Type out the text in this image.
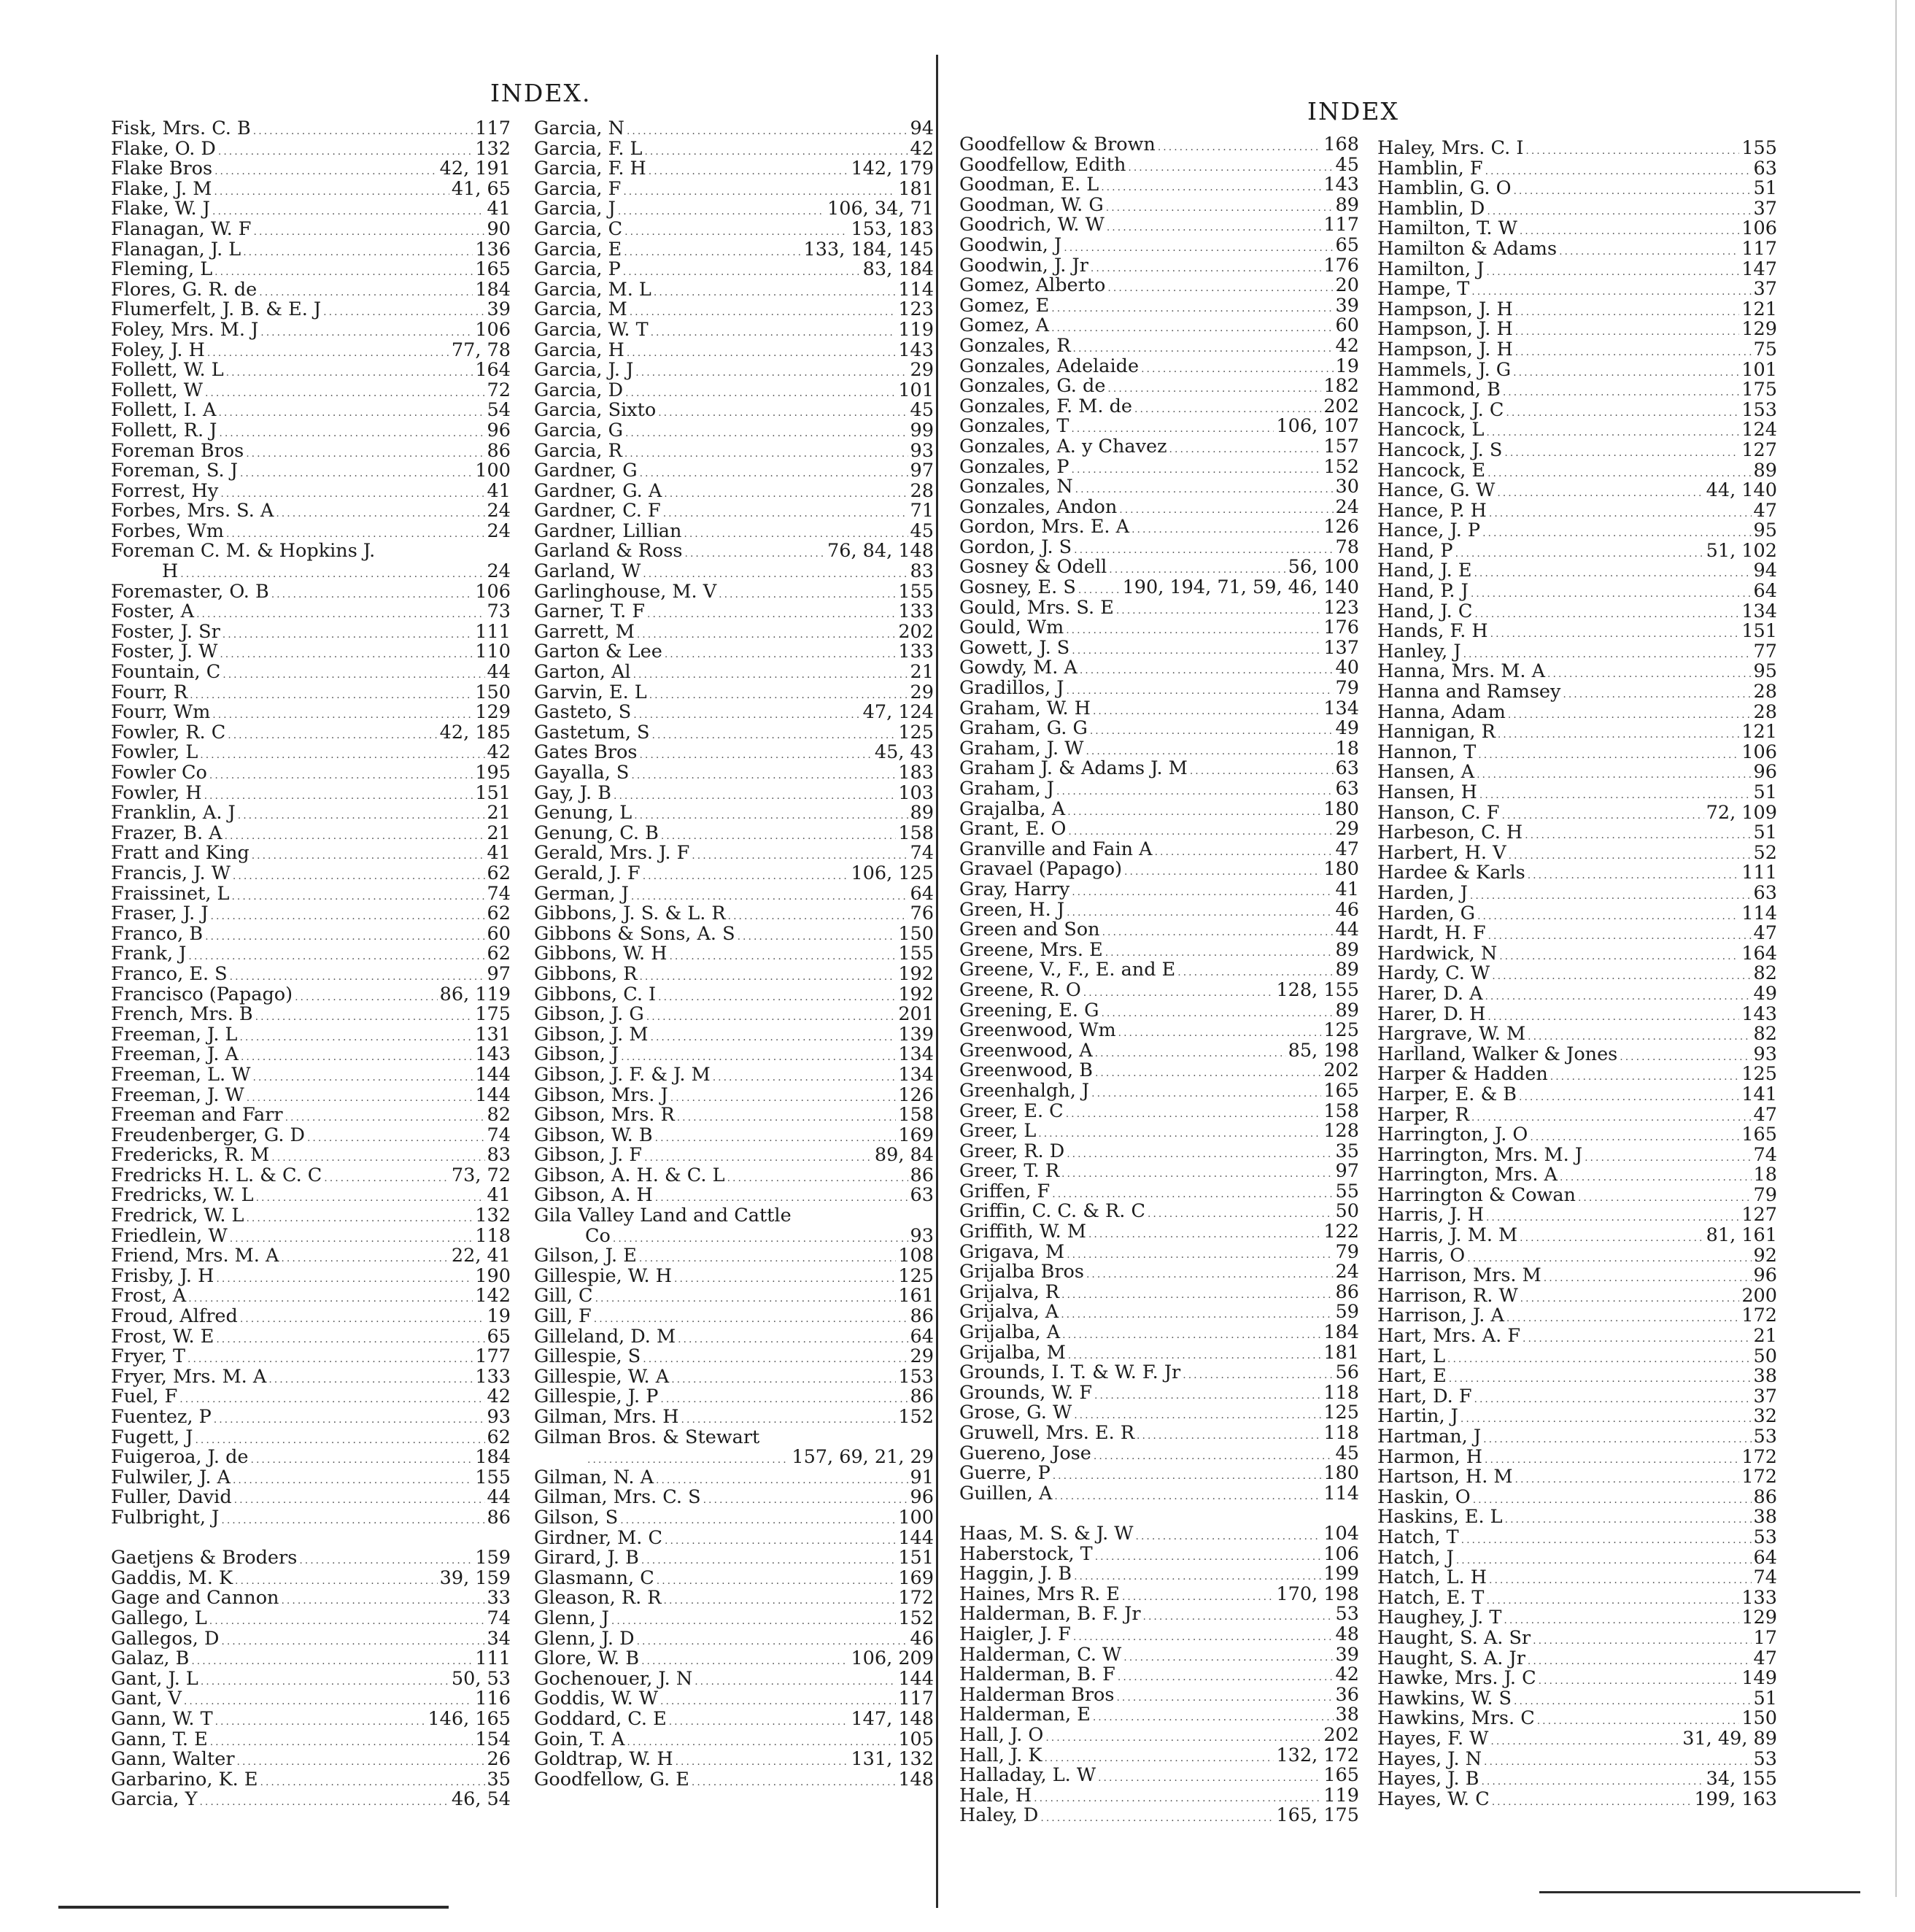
INDEX.
INDEX
Fisk, Mrs. C. B .....	117
Flake, O. D .....	132
Flake Bros .....	42, 191
Flake, J. M .....	41, 65
Flake, W. J .....	41
Flanagan, W. F .....	90
Flanagan, J. L .....	136
Fleming, L .....	165
Flores, G. R. de .....	184
Flumerfelt, J. B. & E. J .....	39
Foley, Mrs. M. J .....	106
Foley, J. H .....	77, 78
Follett, W. L .....	164
Follett, W .....	72
Follett, I. A .....	54
Follett, R. J .....	96
Foreman Bros .....	86
Foreman, S. J .....	100
Forrest, Hy .....	41
Forbes, Mrs. S. A .....	24
Forbes, Wm .....	24
Foreman C. M. & Hopkins J.
H .....	24
Foremaster, O. B .....	106
Foster, A .....	73
Foster, J. Sr .....	111
Foster, J. W .....	110
Fountain, C .....	44
Fourr, R .....	150
Fourr, Wm .....	129
Fowler, R. C .....	42, 185
Fowler, L .....	42
Fowler Co .....	195
Fowler, H .....	151
Franklin, A. J .....	21
Frazer, B. A .....	21
Fratt and King .....	41
Francis, J. W .....	62
Fraissinet, L .....	74
Fraser, J. J .....	62
Franco, B .....	60
Frank, J .....	62
Franco, E. S .....	97
Francisco (Papago) .....	86, 119
French, Mrs. B .....	175
Freeman, J. L .....	131
Freeman, J. A .....	143
Freeman, L. W .....	144
Freeman, J. W .....	144
Freeman and Farr .....	82
Freudenberger, G. D .....	74
Fredericks, R. M .....	83
Fredricks H. L. & C. C .....	73, 72
Fredricks, W. L .....	41
Fredrick, W. L .....	132
Friedlein, W .....	118
Friend, Mrs. M. A .....	22, 41
Frisby, J. H .....	190
Frost, A .....	142
Froud, Alfred .....	19
Frost, W. E .....	65
Fryer, T .....	177
Fryer, Mrs. M. A .....	133
Fuel, F .....	42
Fuentez, P .....	93
Fugett, J .....	62
Fuigeroa, J. de .....	184
Fulwiler, J. A .....	155
Fuller, David .....	44
Fulbright, J .....	86
Gaetjens & Broders .....	159
Gaddis, M. K .....	39, 159
Gage and Cannon .....	33
Gallego, L .....	74
Gallegos, D .....	34
Galaz, B .....	111
Gant, J. L .....	50, 53
Gant, V .....	116
Gann, W. T .....	146, 165
Gann, T. E .....	154
Gann, Walter .....	26
Garbarino, K. E .....	35
Garcia, Y .....	46, 54
Garcia, N .....	94
Garcia, F. L .....	42
Garcia, F. H .....	142, 179
Garcia, F .....	181
Garcia, J .....	106, 34, 71
Garcia, C .....	153, 183
Garcia, E .....	133, 184, 145
Garcia, P .....	83, 184
Garcia, M. L .....	114
Garcia, M .....	123
Garcia, W. T .....	119
Garcia, H .....	143
Garcia, J. J .....	29
Garcia, D .....	101
Garcia, Sixto .....	45
Garcia, G .....	99
Garcia, R .....	93
Gardner, G .....	97
Gardner, G. A .....	28
Gardner, C. F .....	71
Gardner, Lillian .....	45
Garland & Ross .....	76, 84, 148
Garland, W .....	83
Garlinghouse, M. V .....	155
Garner, T. F .....	133
Garrett, M .....	202
Garton & Lee .....	133
Garton, Al .....	21
Garvin, E. L .....	29
Gasteto, S .....	47, 124
Gastetum, S .....	125
Gates Bros .....	45, 43
Gayalla, S .....	183
Gay, J. B .....	103
Genung, L .....	89
Genung, C. B .....	158
Gerald, Mrs. J. F .....	74
Gerald, J. F .....	106, 125
German, J .....	64
Gibbons, J. S. & L. R .....	76
Gibbons & Sons, A. S .....	150
Gibbons, W. H .....	155
Gibbons, R .....	192
Gibbons, C. I .....	192
Gibson, J. G .....	201
Gibson, J. M .....	139
Gibson, J .....	134
Gibson, J. F. & J. M .....	134
Gibson, Mrs. J .....	126
Gibson, Mrs. R .....	158
Gibson, W. B .....	169
Gibson, J. F .....	89, 84
Gibson, A. H. & C. L .....	86
Gibson, A. H .....	63
Gila Valley Land and Cattle
Co .....	93
Gilson, J. E .....	108
Gillespie, W. H .....	125
Gill, C .....	161
Gill, F .....	86
Gilleland, D. M .....	64
Gillespie, S .....	29
Gillespie, W. A .....	153
Gillespie, J. P .....	86
Gilman, Mrs. H .....	152
Gilman Bros. & Stewart
.....
157, 69, 21, 29
Gilman, N. A .....	91
Gilman, Mrs. C. S .....	96
Gilson, S .....	100
Girdner, M. C .....	144
Girard, J. B .....	151
Glasmann, C .....	169
Gleason, R. R .....	172
Glenn, J .....	152
Glenn, J. D .....	46
Glore, W. B .....	106, 209
Gochenouer, J. N .....	144
Goddis, W. W .....	117
Goddard, C. E .....	147, 148
Goin, T. A .....	105
Goldtrap, W. H .....	131, 132
Goodfellow, G. E .....	148
Goodfellow & Brown .....	168
Goodfellow, Edith .....	45
Goodman, E. L .....	143
Goodman, W. G .....	89
Goodrich, W. W .....	117
Goodwin, J .....	65
Goodwin, J. Jr .....	176
Gomez, Alberto .....	20
Gomez, E .....	39
Gomez, A .....	60
Gonzales, R .....	42
Gonzales, Adelaide .....	19
Gonzales, G. de .....	182
Gonzales, F. M. de .....	202
Gonzales, T .....	106, 107
Gonzales, A. y Chavez .....	157
Gonzales, P .....	152
Gonzales, N .....	30
Gonzales, Andon .....	24
Gordon, Mrs. E. A .....	126
Gordon, J. S .....	78
Gosney & Odell .....	56, 100
Gosney, E. S ..... 190, 194, 71, 59, 46, 140
Gould, Mrs. S. E .....	123
Gould, Wm .....	176
Gowett, J. S .....	137
Gowdy, M. A .....	40
Gradillos, J .....	79
Graham, W. H .....	134
Graham, G. G .....	49
Graham, J. W .....	18
Graham J. & Adams J. M .....	63
Graham, J .....	63
Grajalba, A .....	180
Grant, E. O .....	29
Granville and Fain A .....	47
Gravael (Papago) .....	180
Gray, Harry .....	41
Green, H. J .....	46
Green and Son .....	44
Greene, Mrs. E .....	89
Greene, V., F., E. and E .....	89
Greene, R. O .....	128, 155
Greening, E. G .....	89
Greenwood, Wm .....	125
Greenwood, A .....	85, 198
Greenwood, B .....	202
Greenhalgh, J .....	165
Greer, E. C .....	158
Greer, L .....	128
Greer, R. D .....	35
Greer, T. R .....	97
Griffen, F .....	55
Griffin, C. C. & R. C .....	50
Griffith, W. M .....	122
Grigava, M .....	79
Grijalba Bros .....	24
Grijalva, R .....	86
Grijalva, A .....	59
Grijalba, A .....	184
Grijalba, M .....	181
Grounds, I. T. & W. F. Jr .....	56
Grounds, W. F .....	118
Grose, G. W .....	125
Gruwell, Mrs. E. R .....	118
Guereno, Jose .....	45
Guerre, P .....	180
Guillen, A .....	114
Haas, M. S. & J. W .....	104
Haberstock, T .....	106
Haggin, J. B .....	199
Haines, Mrs R. E .....	170, 198
Halderman, B. F. Jr .....	53
Haigler, J. F .....	48
Halderman, C. W .....	39
Halderman, B. F .....	42
Halderman Bros .....	36
Halderman, E .....	38
Hall, J. O .....	202
Hall, J. K .....	132, 172
Halladay, L. W .....	165
Hale, H .....	119
Haley, D .....	165, 175
Haley, Mrs. C. I .....	155
Hamblin, F .....	63
Hamblin, G. O .....	51
Hamblin, D .....	37
Hamilton, T. W .....	106
Hamilton & Adams .....	117
Hamilton, J .....	147
Hampe, T .....	37
Hampson, J. H .....	121
Hampson, J. H .....	129
Hampson, J. H .....	75
Hammels, J. G .....	101
Hammond, B .....	175
Hancock, J. C .....	153
Hancock, L .....	124
Hancock, J. S .....	127
Hancock, E .....	89
Hance, G. W .....	44, 140
Hance, P. H .....	47
Hance, J. P .....	95
Hand, P .....	51, 102
Hand, J. E .....	94
Hand, P. J .....	64
Hand, J. C .....	134
Hands, F. H .....	151
Hanley, J .....	77
Hanna, Mrs. M. A .....	95
Hanna and Ramsey .....	28
Hanna, Adam .....	28
Hannigan, R .....	121
Hannon, T .....	106
Hansen, A .....	96
Hansen, H .....	51
Hanson, C. F .....	72, 109
Harbeson, C. H .....	51
Harbert, H. V .....	52
Hardee & Karls .....	111
Harden, J .....	63
Harden, G .....	114
Hardt, H. F .....	47
Hardwick, N .....	164
Hardy, C. W .....	82
Harer, D. A .....	49
Harer, D. H .....	143
Hargrave, W. M .....	82
Harlland, Walker & Jones .....	93
Harper & Hadden .....	125
Harper, E. & B .....	141
Harper, R .....	47
Harrington, J. O .....	165
Harrington, Mrs. M. J .....	74
Harrington, Mrs. A .....	18
Harrington & Cowan .....	79
Harris, J. H .....	127
Harris, J. M. M .....	81, 161
Harris, O .....	92
Harrison, Mrs. M .....	96
Harrison, R. W .....	200
Harrison, J. A .....	172
Hart, Mrs. A. F .....	21
Hart, L .....	50
Hart, E .....	38
Hart, D. F .....	37
Hartin, J .....	32
Hartman, J .....	53
Harmon, H .....	172
Hartson, H. M .....	172
Haskin, O .....	86
Haskins, E. L .....	38
Hatch, T .....	53
Hatch, J .....	64
Hatch, L. H .....	74
Hatch, E. T .....	133
Haughey, J. T .....	129
Haught, S. A. Sr .....	17
Haught, S. A. Jr .....	47
Hawke, Mrs. J. C .....	149
Hawkins, W. S .....	51
Hawkins, Mrs. C .....	150
Hayes, F. W .....	31, 49, 89
Hayes, J. N .....	53
Hayes, J. B .....	34, 155
Hayes, W. C .....	199, 163
